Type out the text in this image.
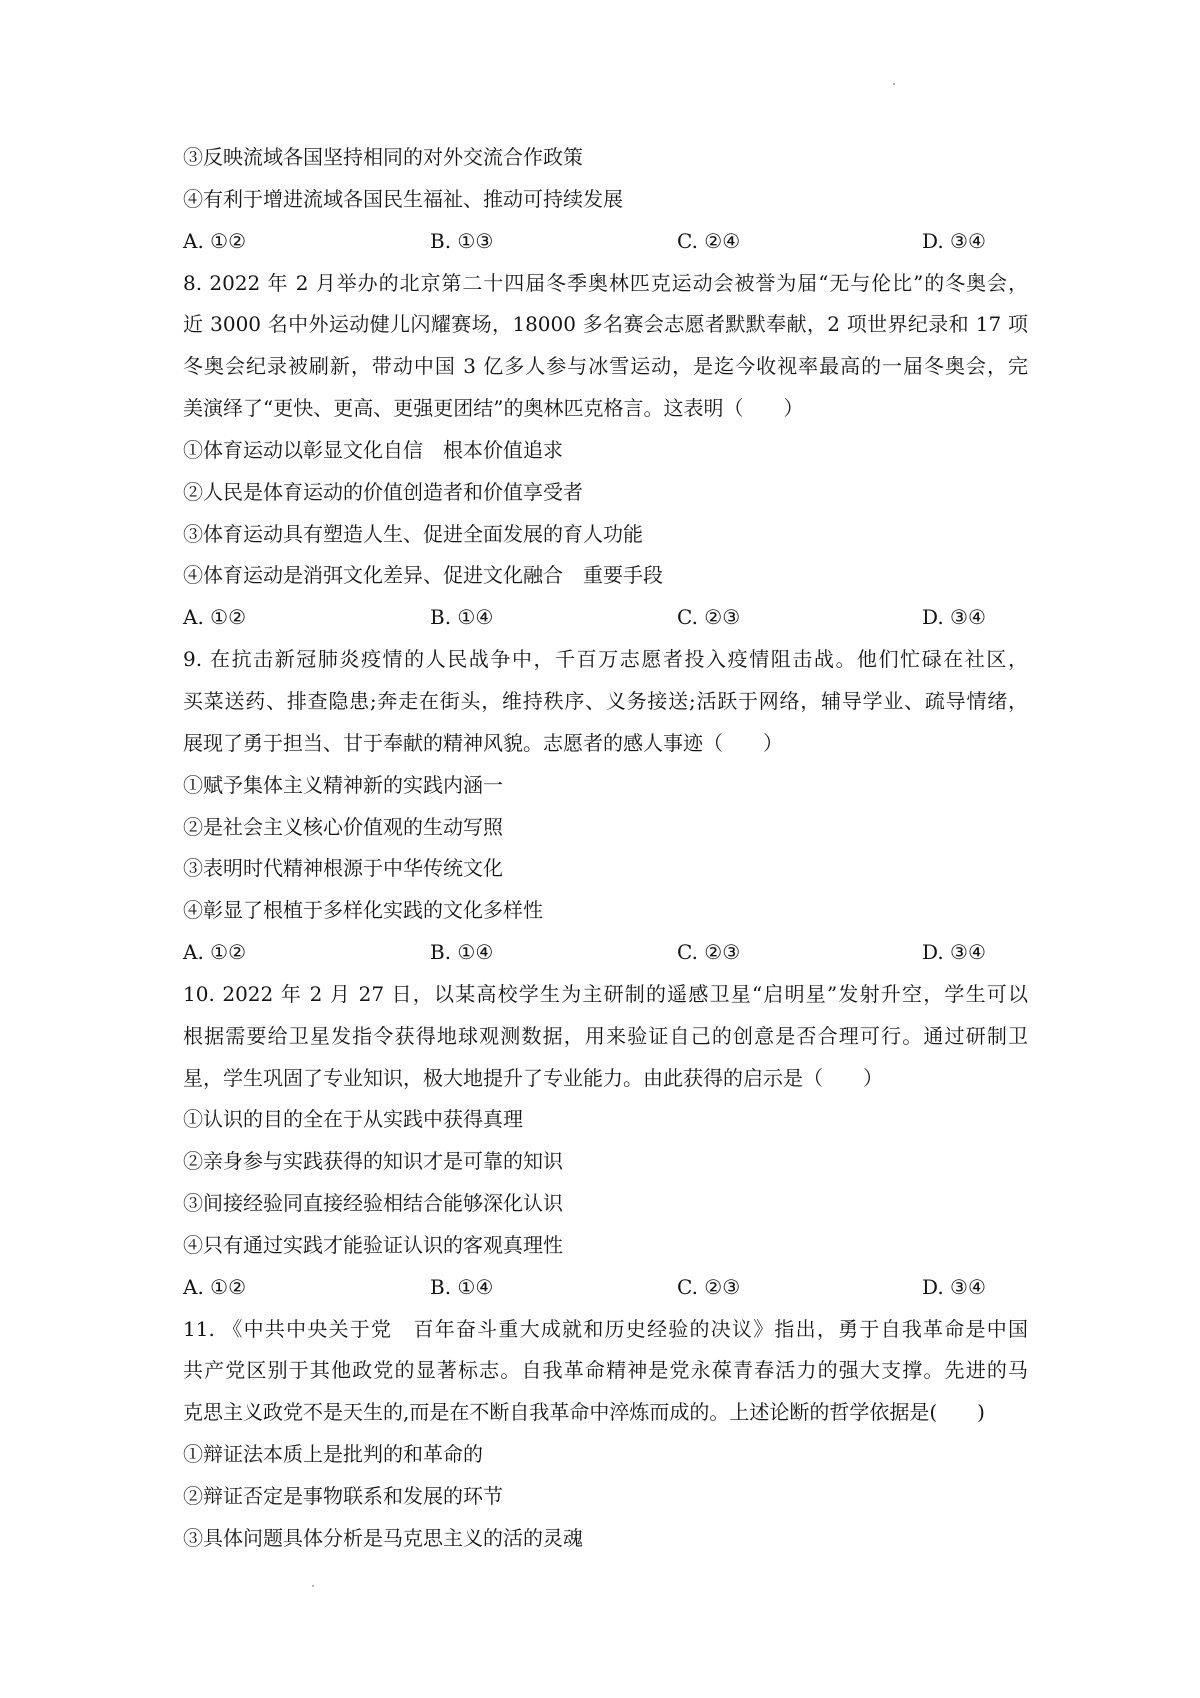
③反映流域各国坚持相同的对外交流合作政策
④有利于增进流域各国民生福祉、推动可持续发展
A. ①②	B. ①③	C. ②④	D. ③④
8. 2022 年 2 月举办的北京第二十四届冬季奥林匹克运动会被誉为届“无与伦比”的冬奥会，
近 3000 名中外运动健儿闪耀赛场，18000 多名赛会志愿者默默奉献，2 项世界纪录和 17 项
冬奥会纪录被刷新，带动中国 3 亿多人参与冰雪运动，是迄今收视率最高的一届冬奥会，完
美演绎了“更快、更高、更强更团结”的奥林匹克格言。这表明（　　）
①体育运动以彰显文化自信　根本价值追求
②人民是体育运动的价值创造者和价值享受者
③体育运动具有塑造人生、促进全面发展的育人功能
④体育运动是消弭文化差异、促进文化融合　重要手段
A. ①②	B. ①④	C. ②③	D. ③④
9. 在抗击新冠肺炎疫情的人民战争中，千百万志愿者投入疫情阻击战。他们忙碌在社区，
买菜送药、排查隐患;奔走在街头，维持秩序、义务接送;活跃于网络，辅导学业、疏导情绪，
展现了勇于担当、甘于奉献的精神风貌。志愿者的感人事迹（　　）
①赋予集体主义精神新的实践内涵一
②是社会主义核心价值观的生动写照
③表明时代精神根源于中华传统文化
④彰显了根植于多样化实践的文化多样性
A. ①②	B. ①④	C. ②③	D. ③④
10. 2022 年 2 月 27 日，以某高校学生为主研制的遥感卫星“启明星”发射升空，学生可以
根据需要给卫星发指令获得地球观测数据，用来验证自己的创意是否合理可行。通过研制卫
星，学生巩固了专业知识，极大地提升了专业能力。由此获得的启示是（　　）
①认识的目的全在于从实践中获得真理
②亲身参与实践获得的知识才是可靠的知识
③间接经验同直接经验相结合能够深化认识
④只有通过实践才能验证认识的客观真理性
A. ①②	B. ①④	C. ②③	D. ③④
11. 《中共中央关于党　百年奋斗重大成就和历史经验的决议》指出，勇于自我革命是中国
共产党区别于其他政党的显著标志。自我革命精神是党永葆青春活力的强大支撑。先进的马
克思主义政党不是天生的,而是在不断自我革命中淬炼而成的。上述论断的哲学依据是(　　)
①辩证法本质上是批判的和革命的
②辩证否定是事物联系和发展的环节
③具体问题具体分析是马克思主义的活的灵魂
